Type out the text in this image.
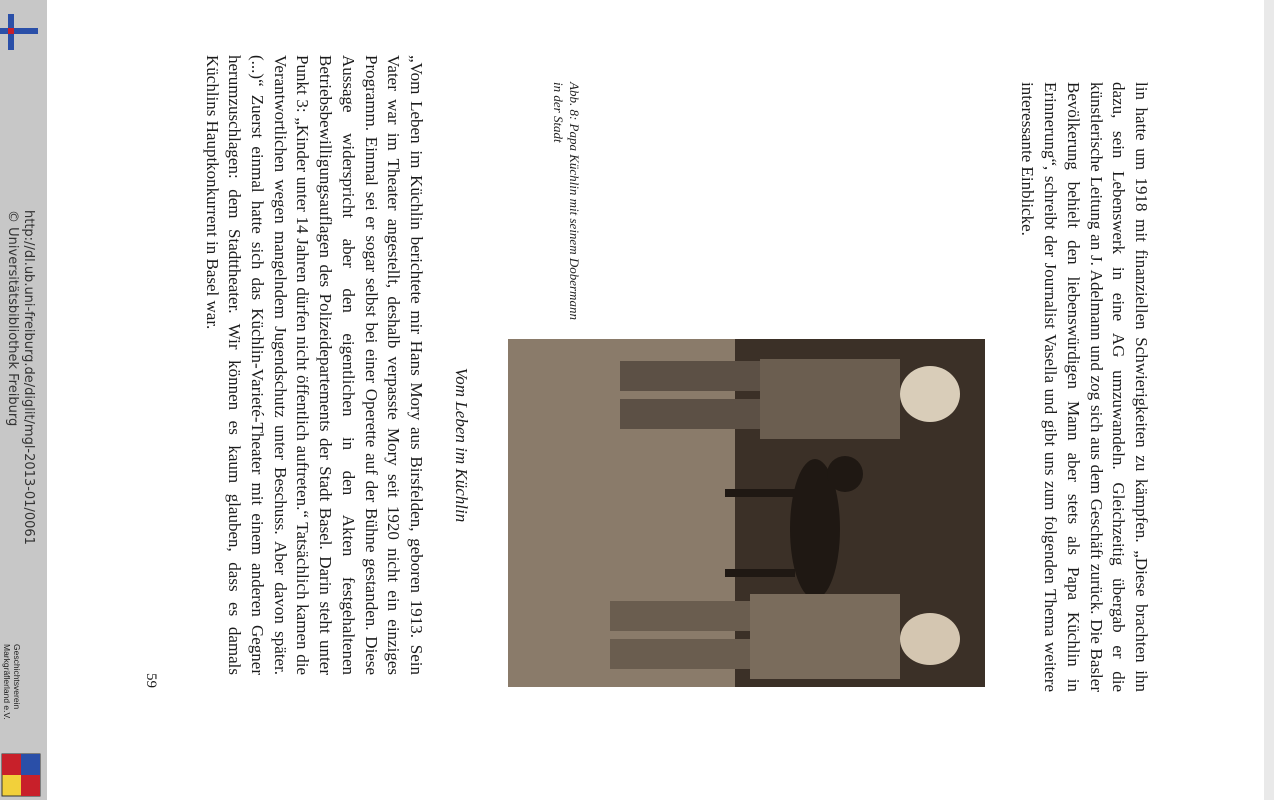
http://dl.ub.uni-freiburg.de/diglit/mgl-2013-01/0061
© Universitätsbibliothek Freiburg
Geschichtsverein
Markgräflerland e.V.	lin hatte um 1918 mit finanziellen Schwierigkeiten zu kämpfen. „Diese brachten ihn dazu, sein Lebenswerk in eine AG umzuwandeln. Gleichzeitig übergab er die künstlerische Leitung an J. Adelmann und zog sich aus dem Geschäft zurück. Die Basler Bevölkerung behielt den liebenswürdigen Mann aber stets als Papa Küchlin in Erinnerung“, schreibt der Journalist Vasella und gibt uns zum folgenden Thema weitere interessante Einblicke.

Abb. 8: Papa Küchlin mit seinem Dobermann in der Stadt
Vom Leben im Küchlin

„Vom Leben im Küchlin berichtete mir Hans Mory aus Birsfelden, geboren 1913. Sein Vater war im Theater angestellt, deshalb verpasste Mory seit 1920 nicht ein einziges Programm. Einmal sei er sogar selbst bei einer Operette auf der Bühne gestanden. Diese Aussage widerspricht aber den eigentlichen in den Akten festgehaltenen Betriebsbewilligungsauflagen des Polizeidepartements der Stadt Basel. Darin steht unter Punkt 3: „Kinder unter 14 Jahren dürfen nicht öffentlich auftreten.“ Tatsächlich kamen die Verantwortlichen wegen mangelndem Jugendschutz unter Beschuss. Aber davon später. (...)“ Zuerst einmal hatte sich das Küchlin-Varieté-Theater mit einem anderen Gegner herumzuschlagen: dem Stadttheater. Wir können es kaum glauben, dass es damals Küchlins Hauptkonkurrent in Basel war.

59
